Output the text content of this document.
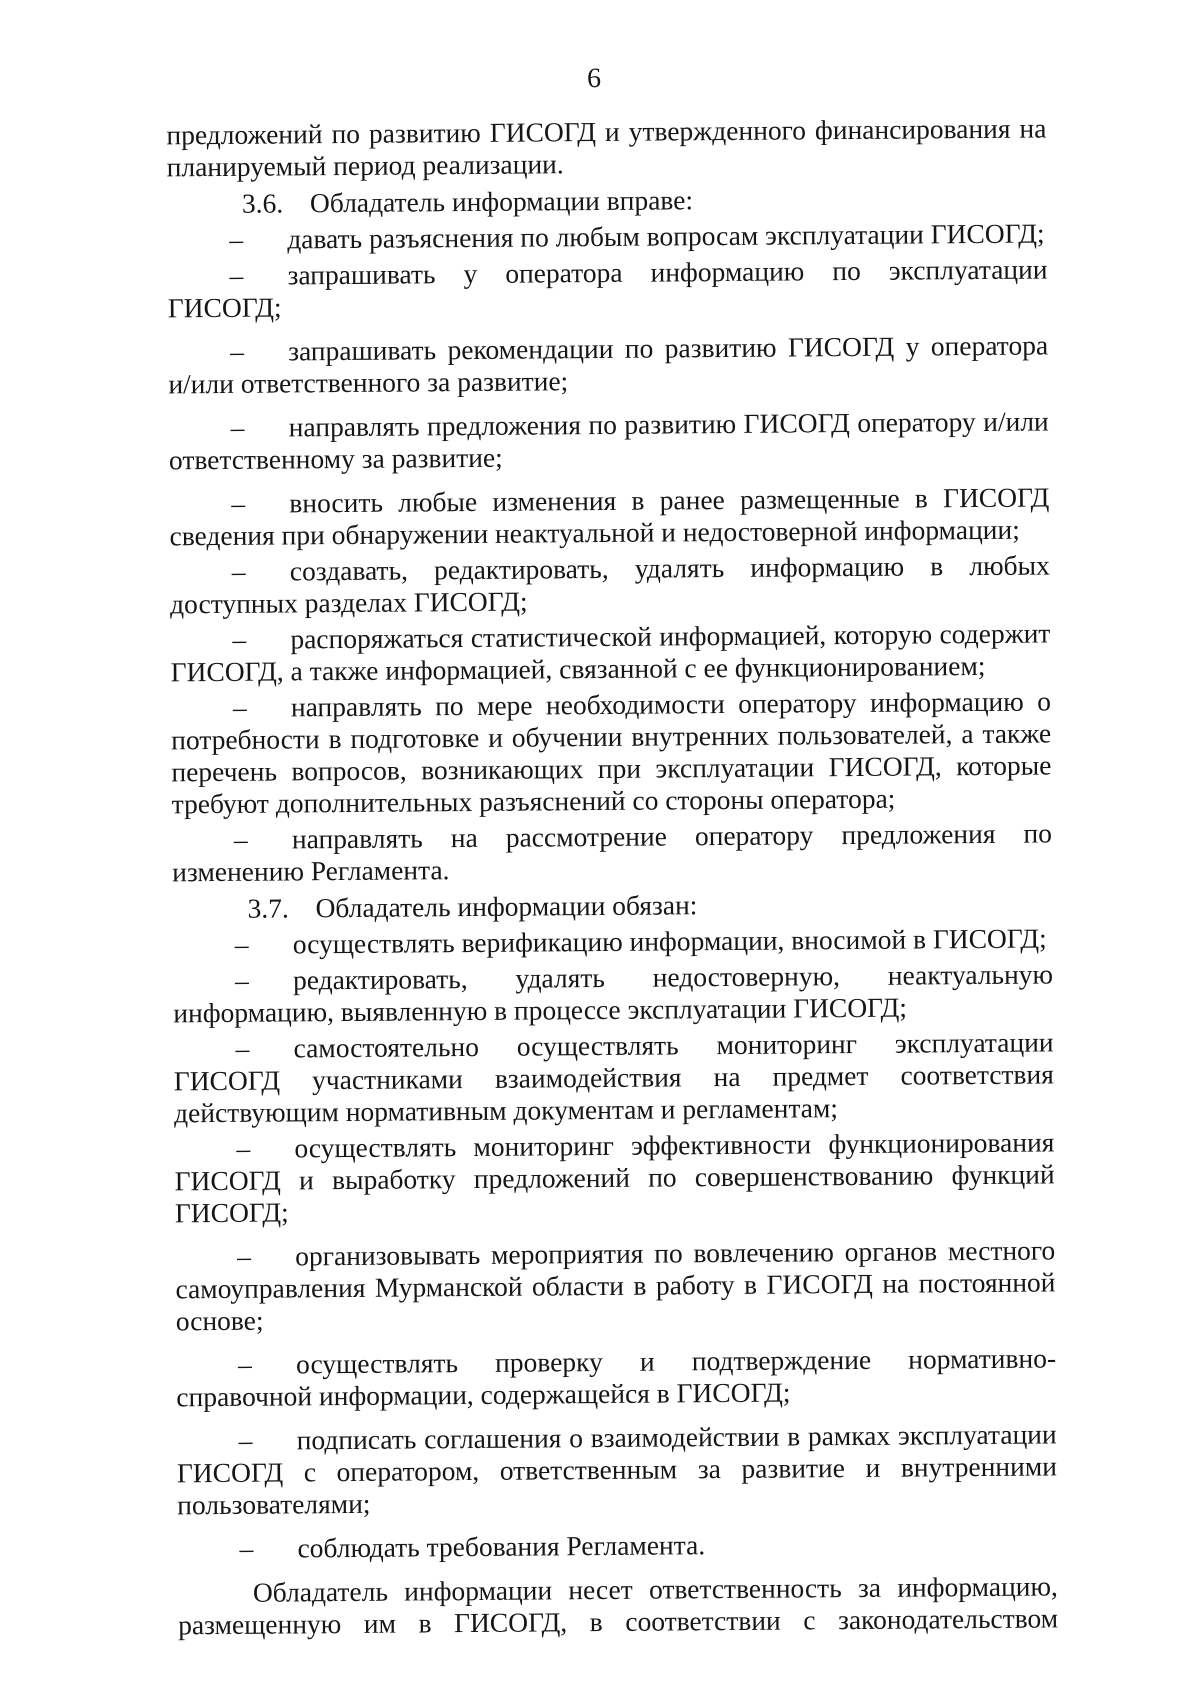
6

предложений по развитию ГИСОГД и утвержденного финансирования на планируемый период реализации.

3.6. Обладатель информации вправе:

– давать разъяснения по любым вопросам эксплуатации ГИСОГД;

– запрашивать у оператора информацию по эксплуатации ГИСОГД;

– запрашивать рекомендации по развитию ГИСОГД у оператора и/или ответственного за развитие;

– направлять предложения по развитию ГИСОГД оператору и/или ответственному за развитие;

– вносить любые изменения в ранее размещенные в ГИСОГД сведения при обнаружении неактуальной и недостоверной информации;

– создавать, редактировать, удалять информацию в любых доступных разделах ГИСОГД;

– распоряжаться статистической информацией, которую содержит ГИСОГД, а также информацией, связанной с ее функционированием;

– направлять по мере необходимости оператору информацию о потребности в подготовке и обучении внутренних пользователей, а также перечень вопросов, возникающих при эксплуатации ГИСОГД, которые требуют дополнительных разъяснений со стороны оператора;

– направлять на рассмотрение оператору предложения по изменению Регламента.

3.7. Обладатель информации обязан:

– осуществлять верификацию информации, вносимой в ГИСОГД;

– редактировать, удалять недостоверную, неактуальную информацию, выявленную в процессе эксплуатации ГИСОГД;

– самостоятельно осуществлять мониторинг эксплуатации ГИСОГД участниками взаимодействия на предмет соответствия действующим нормативным документам и регламентам;

– осуществлять мониторинг эффективности функционирования ГИСОГД и выработку предложений по совершенствованию функций ГИСОГД;

– организовывать мероприятия по вовлечению органов местного самоуправления Мурманской области в работу в ГИСОГД на постоянной основе;

– осуществлять проверку и подтверждение нормативно-справочной информации, содержащейся в ГИСОГД;

– подписать соглашения о взаимодействии в рамках эксплуатации ГИСОГД с оператором, ответственным за развитие и внутренними пользователями;

– соблюдать требования Регламента.

Обладатель информации несет ответственность за информацию, размещенную им в ГИСОГД, в соответствии с законодательством
